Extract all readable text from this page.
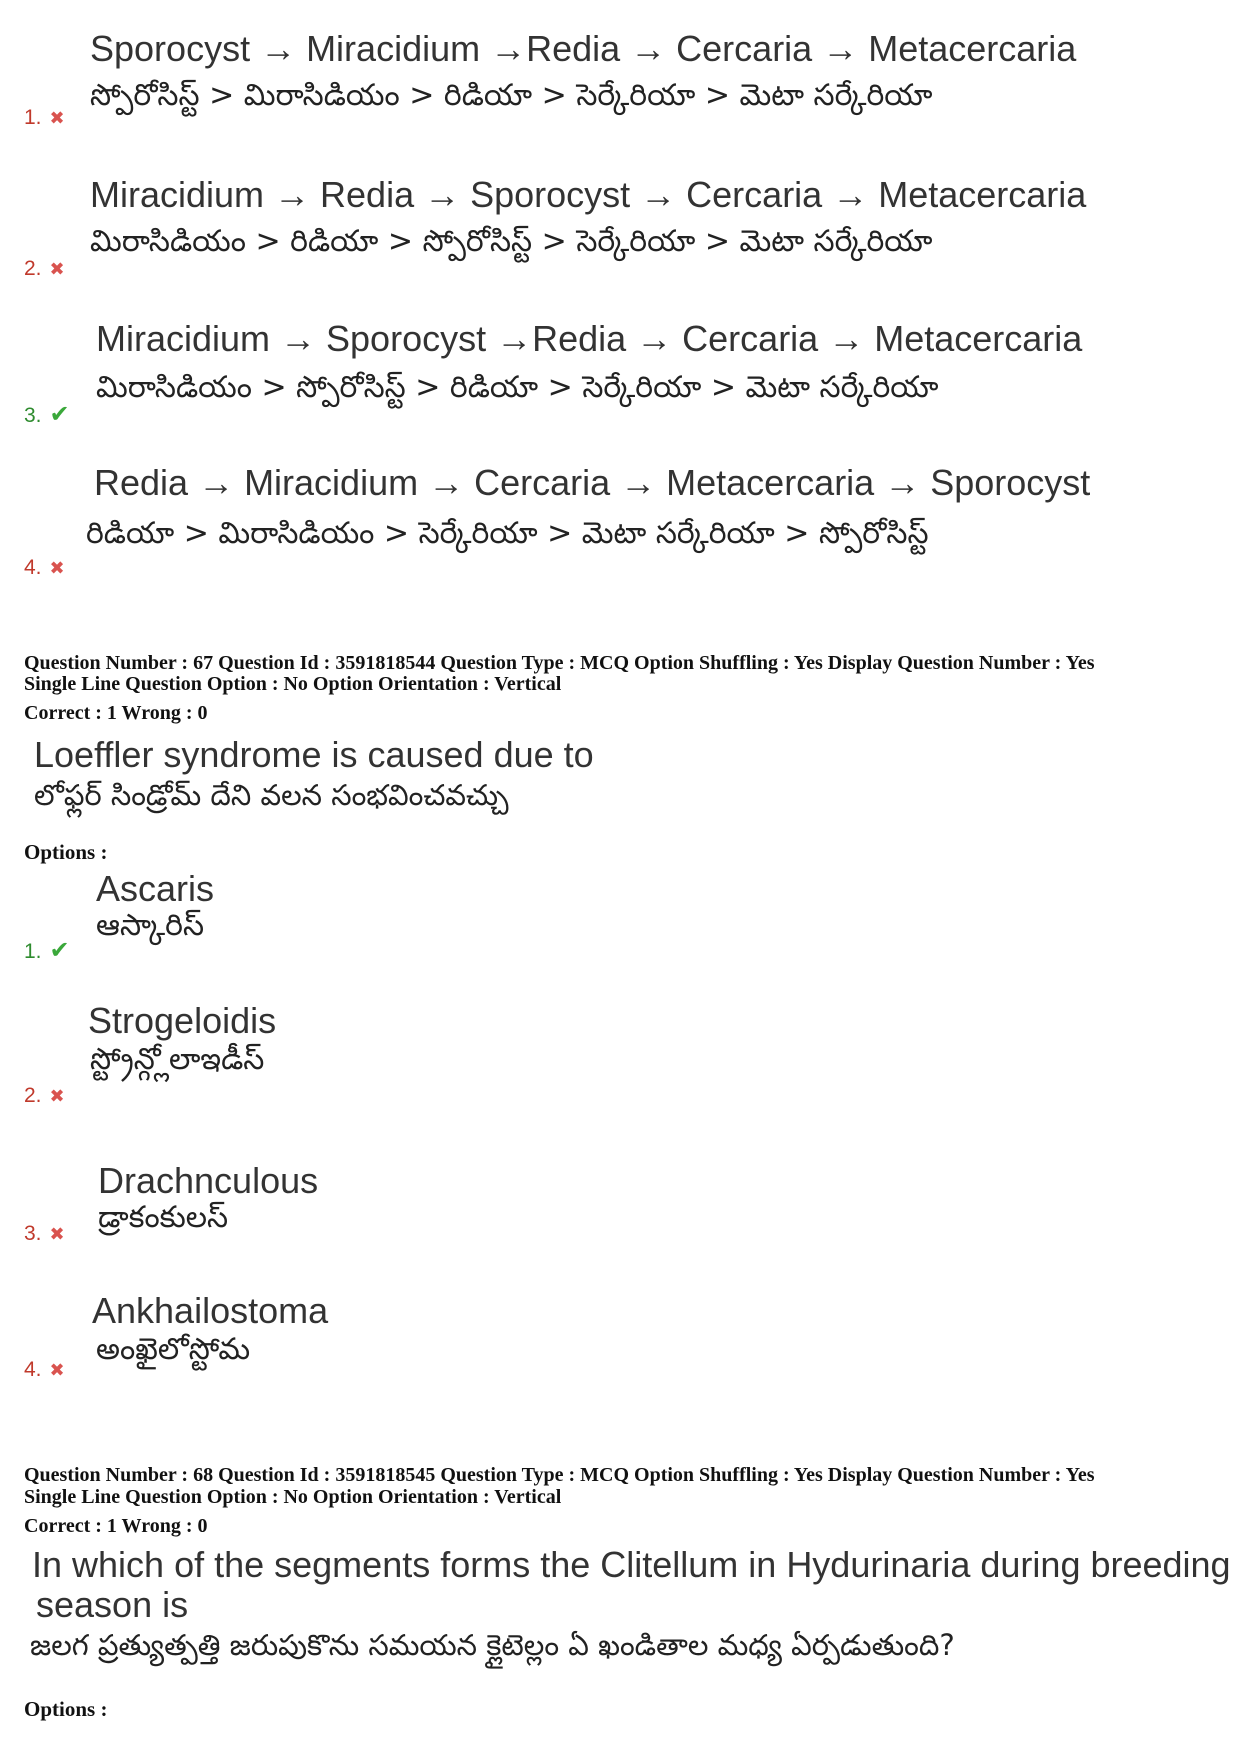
Sporocyst → Miracidium →Redia → Cercaria → Metacercaria
స్పోరోసిస్ట్ > మిరాసిడియం > రిడియా > సెర్కేరియా > మెటా సర్కేరియా
1. ✖
Miracidium → Redia → Sporocyst → Cercaria → Metacercaria
మిరాసిడియం > రిడియా > స్పోరోసిస్ట్ > సెర్కేరియా > మెటా సర్కేరియా
2. ✖
Miracidium → Sporocyst →Redia → Cercaria → Metacercaria
మిరాసిడియం > స్పోరోసిస్ట్ > రిడియా > సెర్కేరియా > మెటా సర్కేరియా
3. ✔
Redia → Miracidium → Cercaria → Metacercaria → Sporocyst
రిడియా > మిరాసిడియం > సెర్కేరియా > మెటా సర్కేరియా > స్పోరోసిస్ట్
4. ✖
Question Number : 67 Question Id : 3591818544 Question Type : MCQ Option Shuffling : Yes Display Question Number : Yes
Single Line Question Option : No Option Orientation : Vertical
Correct : 1 Wrong : 0
Loeffler syndrome is caused due to
లోఫ్లర్ సిండ్రోమ్ దేని వలన సంభవించవచ్చు
Options :
Ascaris
ఆస్కారిస్
1. ✔
Strogeloidis
స్ట్రోన్గ్లోలాఇడీస్
2. ✖
Drachnculous
డ్రాకంకులస్
3. ✖
Ankhailostoma
అంఖైలోస్టోమ
4. ✖
Question Number : 68 Question Id : 3591818545 Question Type : MCQ Option Shuffling : Yes Display Question Number : Yes
Single Line Question Option : No Option Orientation : Vertical
Correct : 1 Wrong : 0
In which of the segments forms the Clitellum in Hydurinaria during breeding
season is
జలగ ప్రత్యుత్పత్తి జరుపుకొను సమయన క్లైటెల్లం ఏ ఖండితాల మధ్య ఏర్పడుతుంది?
Options :
